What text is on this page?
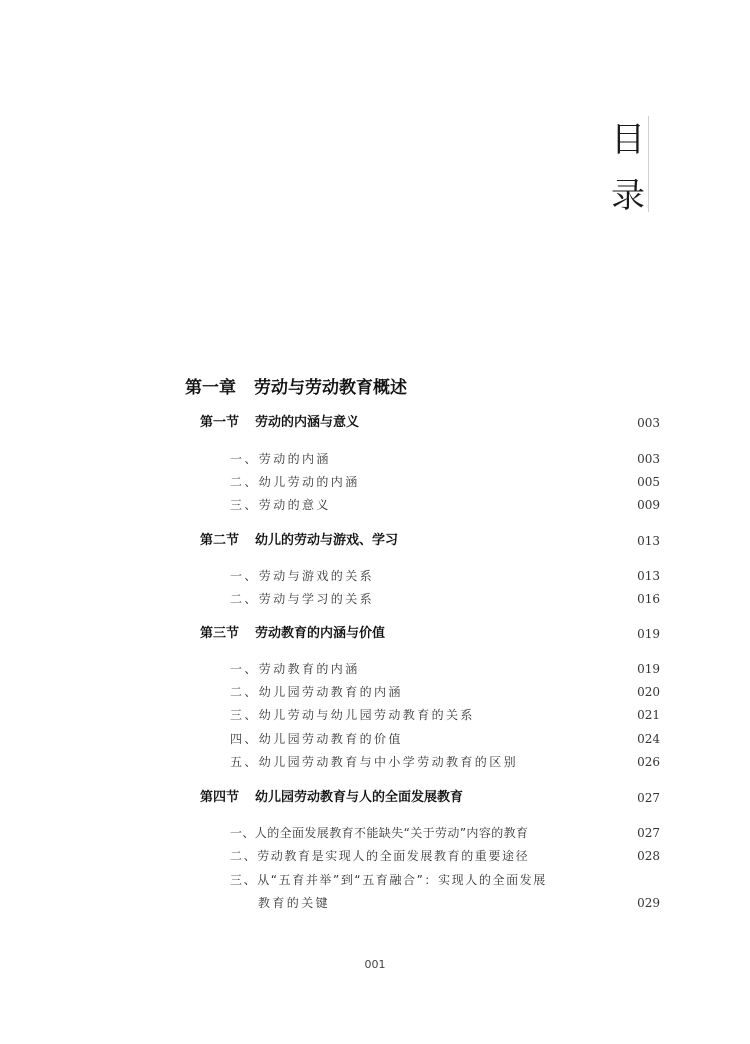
目
录
第一章 劳动与劳动教育概述
第一节 劳动的内涵与意义	003
一、劳动的内涵	003
二、幼儿劳动的内涵	005
三、劳动的意义	009
第二节 幼儿的劳动与游戏、学习	013
一、劳动与游戏的关系	013
二、劳动与学习的关系	016
第三节 劳动教育的内涵与价值	019
一、劳动教育的内涵	019
二、幼儿园劳动教育的内涵	020
三、幼儿劳动与幼儿园劳动教育的关系	021
四、幼儿园劳动教育的价值	024
五、幼儿园劳动教育与中小学劳动教育的区别	026
第四节 幼儿园劳动教育与人的全面发展教育	027
一、人的全面发展教育不能缺失“关于劳动”内容的教育	027
二、劳动教育是实现人的全面发展教育的重要途径	028
三、从“五育并举”到“五育融合”：实现人的全面发展
教育的关键	029
001
